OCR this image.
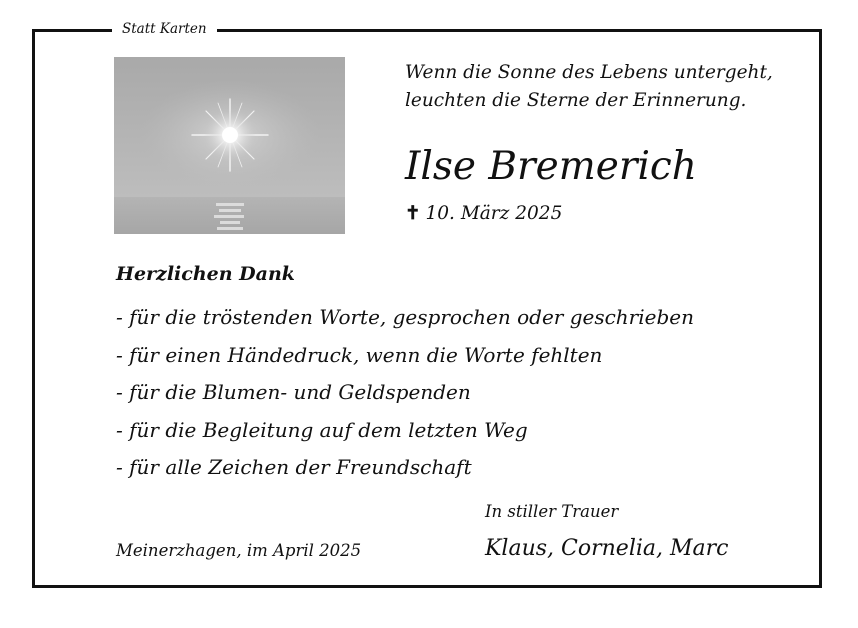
Statt Karten
Wenn die Sonne des Lebens untergeht,
leuchten die Sterne der Erinnerung.
Ilse Bremerich
✝ 10. März 2025
Herzlichen Dank
- für die tröstenden Worte, gesprochen oder geschrieben
- für einen Händedruck, wenn die Worte fehlten
- für die Blumen- und Geldspenden
- für die Begleitung auf dem letzten Weg
- für alle Zeichen der Freundschaft
In stiller Trauer
Meinerzhagen, im April 2025	Klaus, Cornelia, Marc
